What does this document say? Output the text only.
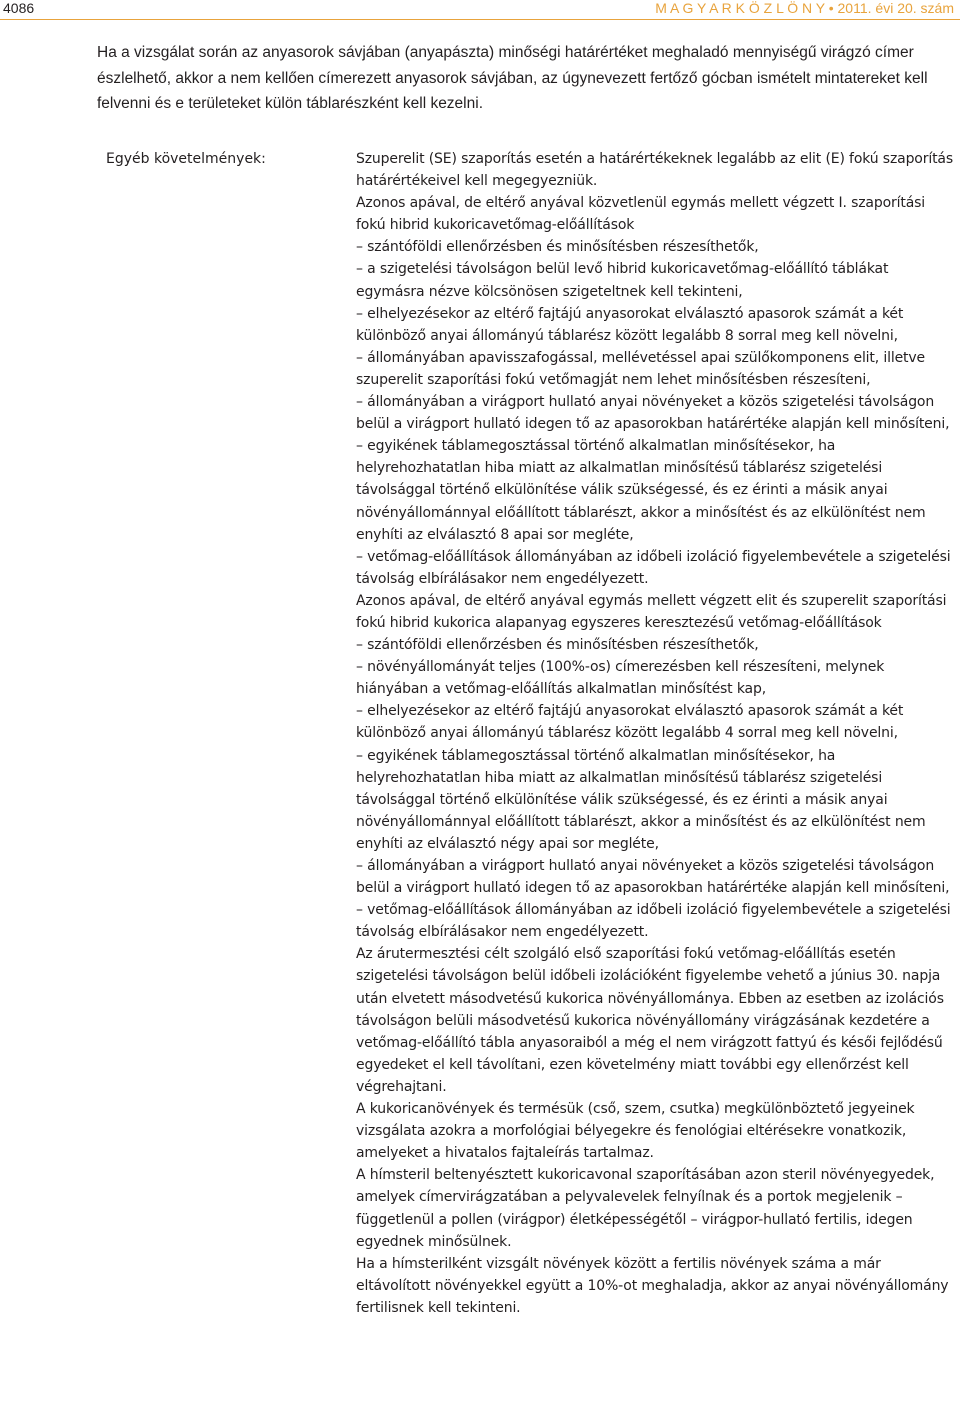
4086	M A G Y A R K Ö Z L Ö N Y • 2011. évi 20. szám

Ha a vizsgálat során az anyasorok sávjában (anyapászta) minőségi határértéket meghaladó mennyiségű virágzó címer észlelhető, akkor a nem kellően címerezett anyasorok sávjában, az úgynevezett fertőző gócban ismételt mintatereket kell felvenni és e területeket külön táblarészként kell kezelni.

Egyéb követelmények:	Szuperelit (SE) szaporítás esetén a határértékeknek legalább az elit (E) fokú szaporítás határértékeivel kell megegyezniük.

Azonos apával, de eltérő anyával közvetlenül egymás mellett végzett I. szaporítási fokú hibrid kukoricavetőmag-előállítások

– szántóföldi ellenőrzésben és minősítésben részesíthetők,

– a szigetelési távolságon belül levő hibrid kukoricavetőmag-előállító táblákat egymásra nézve kölcsönösen szigeteltnek kell tekinteni,

– elhelyezésekor az eltérő fajtájú anyasorokat elválasztó apasorok számát a két különböző anyai állományú táblarész között legalább 8 sorral meg kell növelni,

– állományában apavisszafogással, mellévetéssel apai szülőkomponens elit, illetve szuperelit szaporítási fokú vetőmagját nem lehet minősítésben részesíteni,

– állományában a virágport hullató anyai növényeket a közös szigetelési távolságon belül a virágport hullató idegen tő az apasorokban határértéke alapján kell minősíteni,

– egyikének táblamegosztással történő alkalmatlan minősítésekor, ha helyrehozhatatlan hiba miatt az alkalmatlan minősítésű táblarész szigetelési távolsággal történő elkülönítése válik szükségessé, és ez érinti a másik anyai növényállománnyal előállított táblarészt, akkor a minősítést és az elkülönítést nem enyhíti az elválasztó 8 apai sor megléte,

– vetőmag-előállítások állományában az időbeli izoláció figyelembevétele a szigetelési távolság elbírálásakor nem engedélyezett.

Azonos apával, de eltérő anyával egymás mellett végzett elit és szuperelit szaporítási fokú hibrid kukorica alapanyag egyszeres keresztezésű vetőmag-előállítások

– szántóföldi ellenőrzésben és minősítésben részesíthetők,

– növényállományát teljes (100%-os) címerezésben kell részesíteni, melynek hiányában a vetőmag-előállítás alkalmatlan minősítést kap,

– elhelyezésekor az eltérő fajtájú anyasorokat elválasztó apasorok számát a két különböző anyai állományú táblarész között legalább 4 sorral meg kell növelni,

– egyikének táblamegosztással történő alkalmatlan minősítésekor, ha helyrehozhatatlan hiba miatt az alkalmatlan minősítésű táblarész szigetelési távolsággal történő elkülönítése válik szükségessé, és ez érinti a másik anyai növényállománnyal előállított táblarészt, akkor a minősítést és az elkülönítést nem enyhíti az elválasztó négy apai sor megléte,

– állományában a virágport hullató anyai növényeket a közös szigetelési távolságon belül a virágport hullató idegen tő az apasorokban határértéke alapján kell minősíteni,

– vetőmag-előállítások állományában az időbeli izoláció figyelembevétele a szigetelési távolság elbírálásakor nem engedélyezett.

Az árutermesztési célt szolgáló első szaporítási fokú vetőmag-előállítás esetén szigetelési távolságon belül időbeli izolációként figyelembe vehető a június 30. napja után elvetett másodvetésű kukorica növényállománya. Ebben az esetben az izolációs távolságon belüli másodvetésű kukorica növényállomány virágzásának kezdetére a vetőmag-előállító tábla anyasoraiból a még el nem virágzott fattyú és késői fejlődésű egyedeket el kell távolítani, ezen követelmény miatt további egy ellenőrzést kell végrehajtani.

A kukoricanövények és termésük (cső, szem, csutka) megkülönböztető jegyeinek vizsgálata azokra a morfológiai bélyegekre és fenológiai eltérésekre vonatkozik, amelyeket a hivatalos fajtaleírás tartalmaz.

A hímsteril beltenyésztett kukoricavonal szaporításában azon steril növényegyedek, amelyek címervirágzatában a pelyvalevelek felnyílnak és a portok megjelenik – függetlenül a pollen (virágpor) életképességétől – virágpor-hullató fertilis, idegen egyednek minősülnek.

Ha a hímsterilként vizsgált növények között a fertilis növények száma a már eltávolított növényekkel együtt a 10%-ot meghaladja, akkor az anyai növényállomány fertilisnek kell tekinteni.
